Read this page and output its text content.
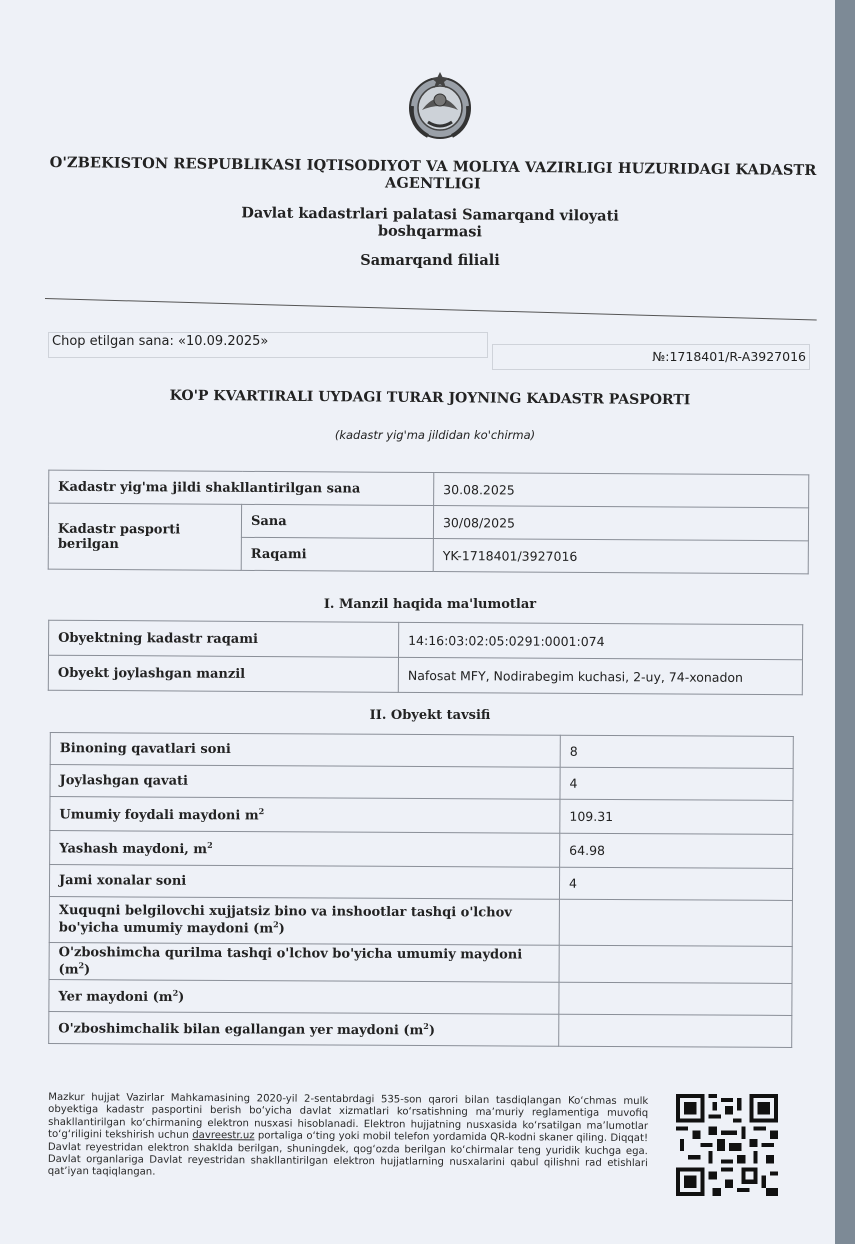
O'ZBEKISTON RESPUBLIKASI IQTISODIYOT VA MOLIYA VAZIRLIGI HUZURIDAGI KADASTR AGENTLIGI
Davlat kadastrlari palatasi Samarqand viloyati boshqarmasi
Samarqand filiali
Chop etilgan sana: «10.09.2025»
№:1718401/R-A3927016
KO'P KVARTIRALI UYDAGI TURAR JOYNING KADASTR PASPORTI
(kadastr yig'ma jildidan ko'chirma)
Kadastr yig'ma jildi shakllantirilgan sana		30.08.2025
Kadastr pasporti berilgan	Sana	30/08/2025
	Raqami	YK-1718401/3927016
I. Manzil haqida ma'lumotlar
Obyektning kadastr raqami	14:16:03:02:05:0291:0001:074
Obyekt joylashgan manzil	Nafosat MFY, Nodirabegim kuchasi, 2-uy, 74-xonadon
II. Obyekt tavsifi
Binoning qavatlari soni	8
Joylashgan qavati	4
Umumiy foydali maydoni $m^2$	109.31
Yashash maydoni, $m^2$	64.98
Jami xonalar soni	4
Xuquqni belgilovchi xujjatsiz bino va inshootlar tashqi o'lchov bo'yicha umumiy maydoni $(m^2)$	
O'zboshimcha qurilma tashqi o'lchov bo'yicha umumiy maydoni $(m^2)$	
Yer maydoni $(m^2)$	
O'zboshimchalik bilan egallangan yer maydoni $(m^2)$	
Mazkur hujjat Vazirlar Mahkamasining 2020-yil 2-sentabrdagi 535-son qarori bilan tasdiqlangan Ko‘chmas mulk obyektiga kadastr pasportini berish bo‘yicha davlat xizmatlari ko‘rsatishning ma’muriy reglamentiga muvofiq shakllantirilgan ko‘chirmaning elektron nusxasi hisoblanadi. Elektron hujjatning nusxasida ko‘rsatilgan ma’lumotlar to‘g‘riligini tekshirish uchun davreestr.uz portaliga o‘ting yoki mobil telefon yordamida QR-kodni skaner qiling. Diqqat! Davlat reyestridan elektron shaklda berilgan, shuningdek, qog‘ozda berilgan ko‘chirmalar teng yuridik kuchga ega. Davlat organlariga Davlat reyestridan shakllantirilgan elektron hujjatlarning nusxalarini qabul qilishni rad etishlari qat’iyan taqiqlangan.
